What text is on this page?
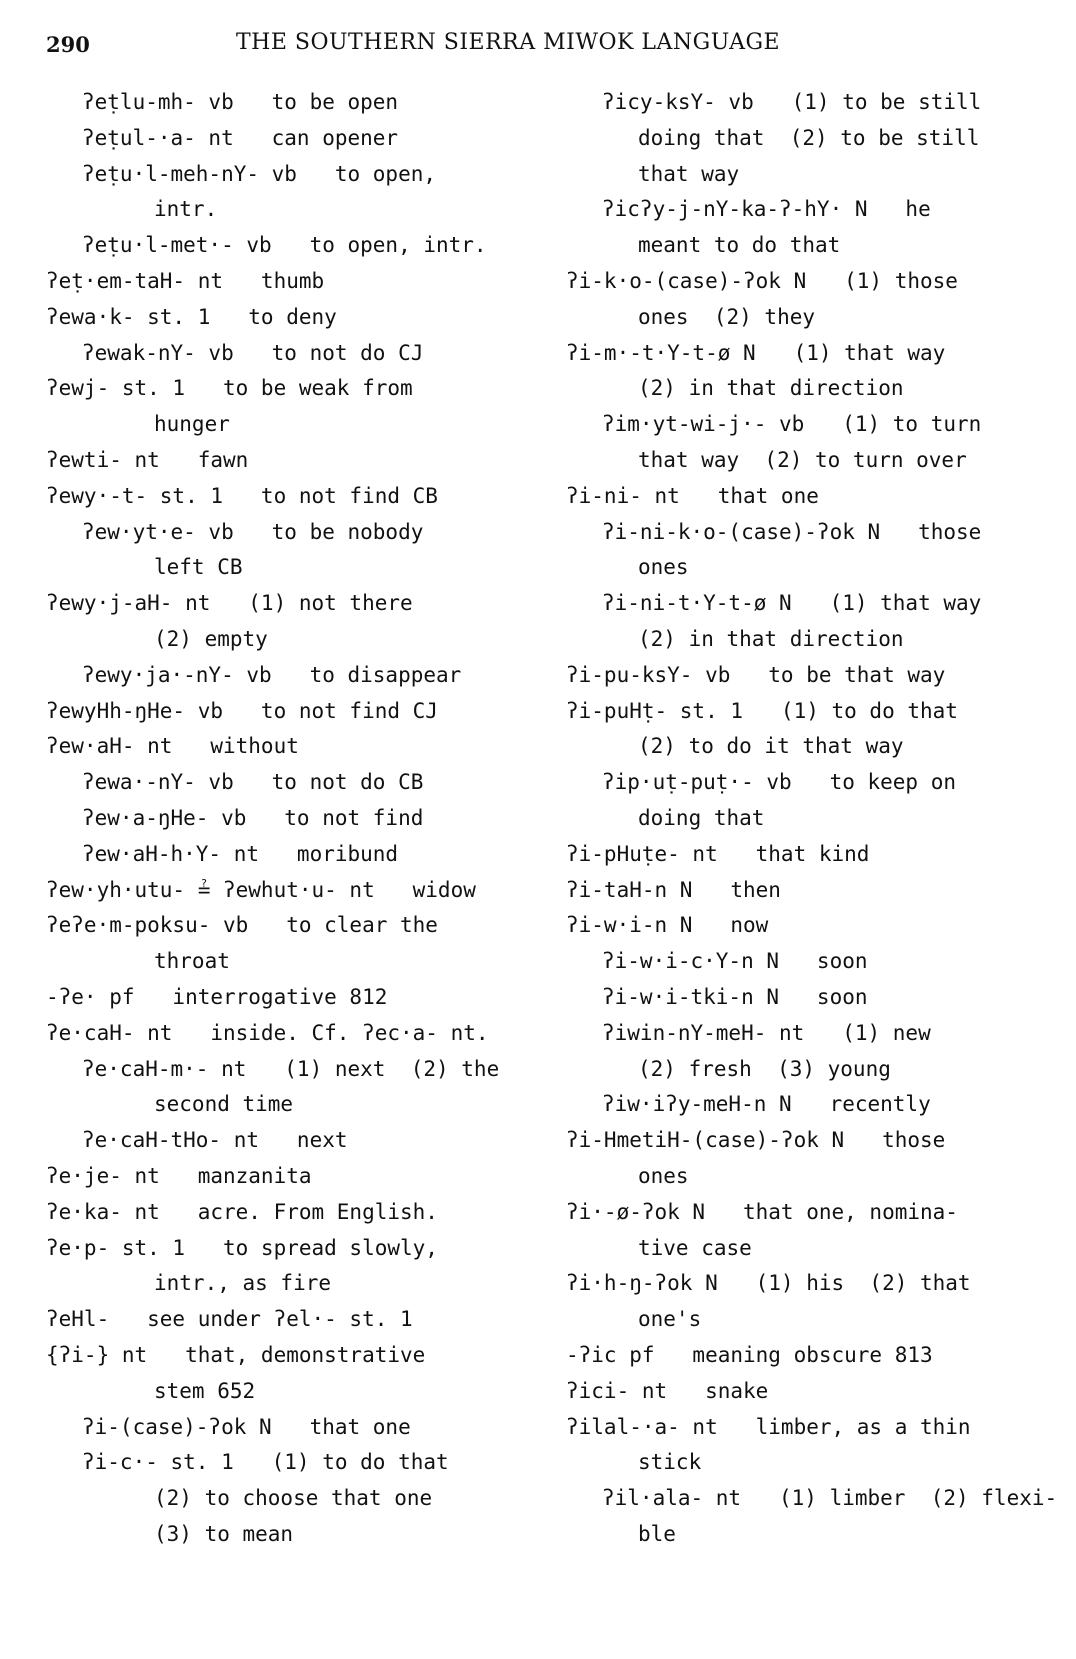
290	THE SOUTHERN SIERRA MIWOK LANGUAGE
ʔeṭlu-mh- vb   to be open
ʔeṭul-·a- nt   can opener
ʔeṭu·l-meh-nY- vb   to open,
intr.
ʔeṭu·l-met·- vb   to open, intr.
ʔeṭ·em-taH- nt   thumb
ʔewa·k- st. 1   to deny
ʔewak-nY- vb   to not do CJ
ʔewj- st. 1   to be weak from
hunger
ʔewti- nt   fawn
ʔewy·-t- st. 1   to not find CB
ʔew·yt·e- vb   to be nobody
left CB
ʔewy·j-aH- nt   (1) not there
(2) empty
ʔewy·ja·-nY- vb   to disappear
ʔewyHh-ŋHe- vb   to not find CJ
ʔew·aH- nt   without
ʔewa·-nY- vb   to not do CB
ʔew·a-ŋHe- vb   to not find
ʔew·aH-h·Y- nt   moribund
ʔew·yh·utu- ≟ ʔewhut·u- nt   widow
ʔeʔe·m-poksu- vb   to clear the
throat
-ʔe· pf   interrogative 812
ʔe·caH- nt   inside. Cf. ʔec·a- nt.
ʔe·caH-m·- nt   (1) next  (2) the
second time
ʔe·caH-tHo- nt   next
ʔe·je- nt   manzanita
ʔe·ka- nt   acre. From English.
ʔe·p- st. 1   to spread slowly,
intr., as fire
ʔeHl-   see under ʔel·- st. 1
{ʔi-} nt   that, demonstrative
stem 652
ʔi-(case)-ʔok N   that one
ʔi-c·- st. 1   (1) to do that
(2) to choose that one
(3) to mean
ʔicy-ksY- vb   (1) to be still
doing that  (2) to be still
that way
ʔicʔy-j-nY-ka-ʔ-hY· N   he
meant to do that
ʔi-k·o-(case)-ʔok N   (1) those
ones  (2) they
ʔi-m·-t·Y-t-ø N   (1) that way
(2) in that direction
ʔim·yt-wi-j·- vb   (1) to turn
that way  (2) to turn over
ʔi-ni- nt   that one
ʔi-ni-k·o-(case)-ʔok N   those
ones
ʔi-ni-t·Y-t-ø N   (1) that way
(2) in that direction
ʔi-pu-ksY- vb   to be that way
ʔi-puHṭ- st. 1   (1) to do that
(2) to do it that way
ʔip·uṭ-puṭ·- vb   to keep on
doing that
ʔi-pHuṭe- nt   that kind
ʔi-taH-n N   then
ʔi-w·i-n N   now
ʔi-w·i-c·Y-n N   soon
ʔi-w·i-tki-n N   soon
ʔiwin-nY-meH- nt   (1) new
(2) fresh  (3) young
ʔiw·iʔy-meH-n N   recently
ʔi-HmetiH-(case)-ʔok N   those
ones
ʔi·-ø-ʔok N   that one, nomina-
tive case
ʔi·h-ŋ-ʔok N   (1) his  (2) that
one's
-ʔic pf   meaning obscure 813
ʔici- nt   snake
ʔilal-·a- nt   limber, as a thin
stick
ʔil·ala- nt   (1) limber  (2) flexi-
ble
